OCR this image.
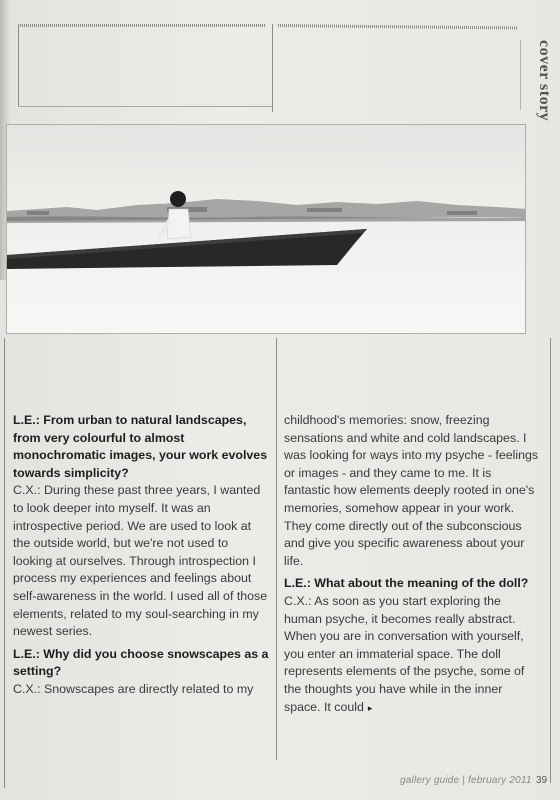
cover story

L.E.: From urban to natural landscapes, from very colourful to almost monochromatic images, your work evolves towards simplicity?

C.X.: During these past three years, I wanted to look deeper into myself. It was an introspective period. We are used to look at the outside world, but we're not used to looking at ourselves. Through introspection I process my experiences and feelings about self-awareness in the world. I used all of those elements, related to my soul-searching in my newest series.

L.E.: Why did you choose snowscapes as a setting?

C.X.: Snowscapes are directly related to my

childhood's memories: snow, freezing sensations and white and cold landscapes. I was looking for ways into my psyche - feelings or images - and they came to me. It is fantastic how elements deeply rooted in one's memories, somehow appear in your work. They come directly out of the subconscious and give you specific awareness about your life.

L.E.: What about the meaning of the doll?

C.X.: As soon as you start exploring the human psyche, it becomes really abstract. When you are in conversation with yourself, you enter an immaterial space. The doll represents elements of the psyche, some of the thoughts you have while in the inner space. It could ▸

gallery guide | february 2011 39
